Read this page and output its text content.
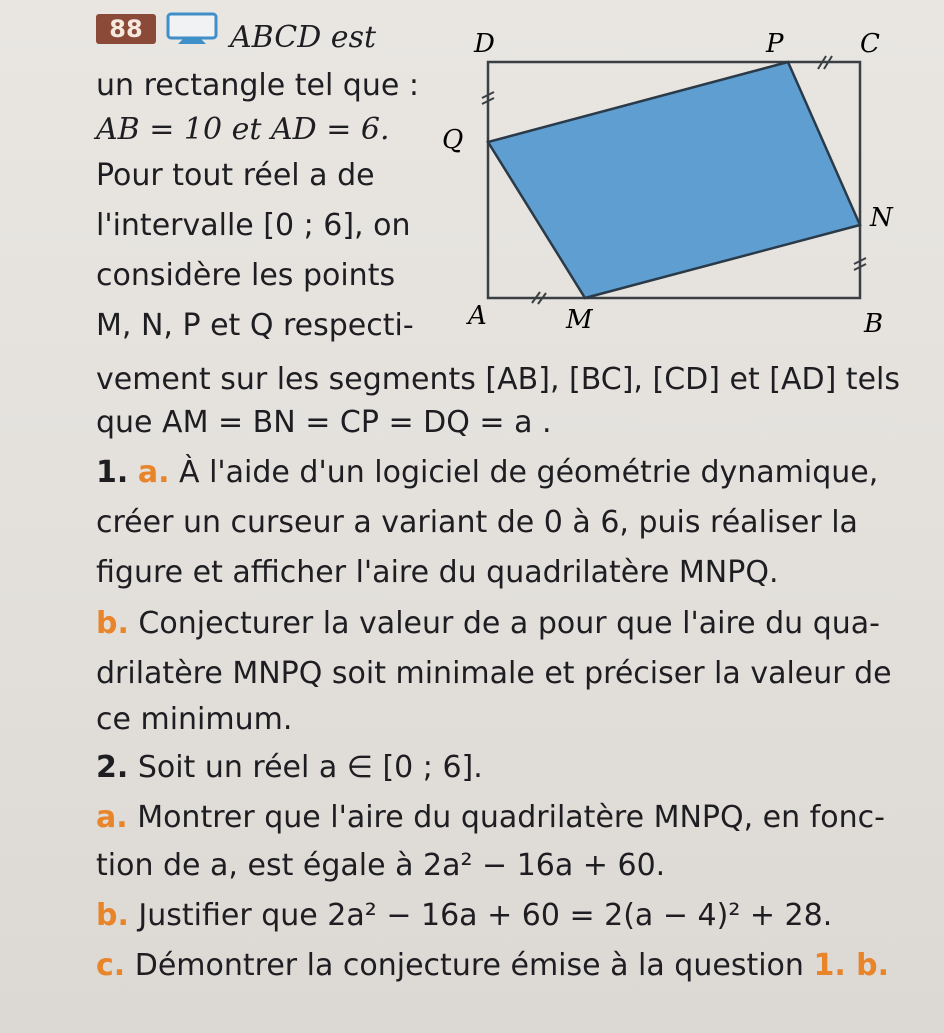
88	ABCD est
un rectangle tel que :
AB = 10 et AD = 6.
Pour tout réel a de
l'intervalle [0 ; 6], on
considère les points
M, N, P et Q respecti-
vement sur les segments [AB], [BC], [CD] et [AD] tels
que AM = BN = CP = DQ = a .
D	P	C
Q
N
A	M	B
1. a. À l'aide d'un logiciel de géométrie dynamique,
créer un curseur a variant de 0 à 6, puis réaliser la
figure et afficher l'aire du quadrilatère MNPQ.
b. Conjecturer la valeur de a pour que l'aire du qua-
drilatère MNPQ soit minimale et préciser la valeur de
ce minimum.
2. Soit un réel a ∈ [0 ; 6].
a. Montrer que l'aire du quadrilatère MNPQ, en fonc-
tion de a, est égale à 2a² − 16a + 60.
b. Justifier que 2a² − 16a + 60 = 2(a − 4)² + 28.
c. Démontrer la conjecture émise à la question 1. b.
